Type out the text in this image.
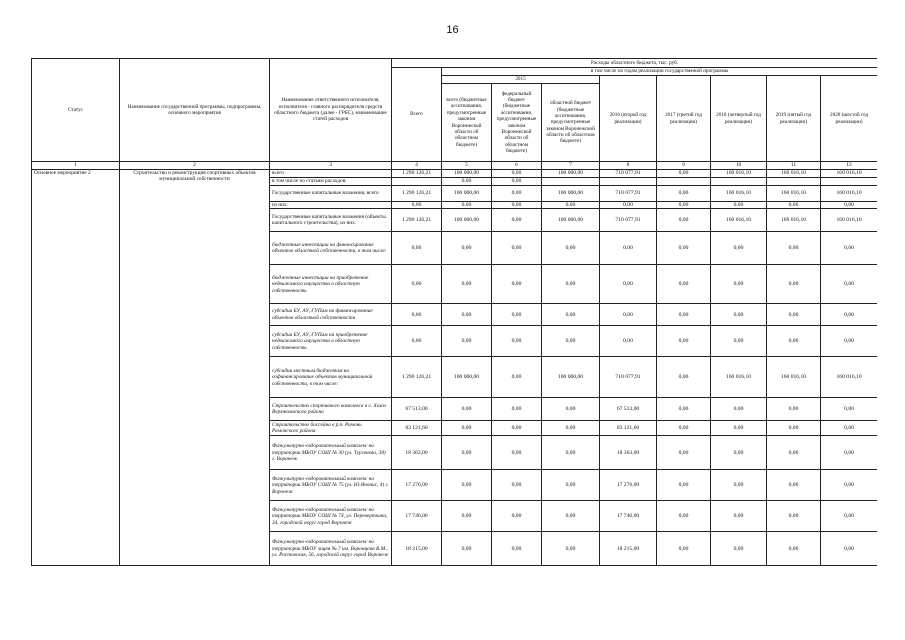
16
Статус	Наименование государственной программы, подпрограммы, основного мероприятия	Наименование ответственного исполнителя, исполнителя - главного распорядителя средств областного бюджета (далее - ГРБС), наименование статей расходов	Расходы областного бюджета, тыс. руб.								
			Всего	в том числе по годам реализации государственной программы							
				2015			2016 (второй год реализации)	2017 (третий год реализации)	2018 (четвертый год реализации)	2019 (пятый год реализации)	2020 (шестой год реализации)
				всего (бюджетные ассигнования, предусмотренные законом Воронежской области об областном бюджете)	федеральный бюджет (бюджетные ассигнования, предусмотренные законом Воронежской области об областном бюджете)	областной бюджет (бюджетные ассигнования, предусмотренные законом Воронежской области об областном бюджете)					
1	2	3	4	5	6	7	8	9	10	11	12
Основное мероприятие 2	Строительство и реконструкция спортивных объектов муниципальной собственности	всего	1 290 126,21	100 000,00	0,00	100 000,00	710 077,91	0,00	160 016,10	160 016,10	160 016,10
		в том числе по статьям расходов:		0,00	0,00						
		Государственные капитальные вложения, всего	1 290 126,21	100 000,00	0,00	100 000,00	710 077,91	0,00	160 016,10	160 016,10	160 016,10
		из них:	0,00	0,00	0,00	0,00	0,00	0,00	0,00	0,00	0,00
		Государственные капитальные вложения (объекты капитального строительства), из них:	1 290 126,21	100 000,00	0,00	100 000,00	710 077,91	0,00	160 016,10	160 016,10	160 016,10
		бюджетные инвестиции на финансирование объектов областной собственности, в том числе:	0,00	0,00	0,00	0,00	0,00	0,00	0,00	0,00	0,00
		бюджетные инвестиции на приобретение недвижимого имущества в областную собственность	0,00	0,00	0,00	0,00	0,00	0,00	0,00	0,00	0,00
		субсидии БУ, АУ, ГУПам на финансирование объектов областной собственности	0,00	0,00	0,00	0,00	0,00	0,00	0,00	0,00	0,00
		субсидии БУ, АУ, ГУПам на приобретение недвижимого имущества в областную собственность	0,00	0,00	0,00	0,00	0,00	0,00	0,00	0,00	0,00
		субсидии местным бюджетам на софинансирование объектов муниципальной собственности, в том числе:	1 290 126,21	100 000,00	0,00	100 000,00	710 077,91	0,00	160 016,10	160 016,10	160 016,10
		Строительство спортивного комплекса в с. Хохол Верхнехавского района	67 513,00	0,00	0,00	0,00	67 513,00	0,00	0,00	0,00	0,00
		Строительство бассейна в р.п. Рамонь Рамонского района	83 121,60	0,00	0,00	0,00	83 121,60	0,00	0,00	0,00	0,00
		Физкультурно-оздоровительный комплекс на территории МБОУ СОШ № 30 (ул. Тургенева, 38) г. Воронеж	18 363,00	0,00	0,00	0,00	18 363,00	0,00	0,00	0,00	0,00
		Физкультурно-оздоровительный комплекс на территории МБОУ СОШ № 75 (ул. Ю.Янонис, 4) г. Воронеж	17 276,00	0,00	0,00	0,00	17 276,00	0,00	0,00	0,00	0,00
		Физкультурно-оздоровительный комплекс на территории МБОУ СОШ № 74, ул. Переверткина, 34, городской округ город Воронеж	17 746,00	0,00	0,00	0,00	17 746,00	0,00	0,00	0,00	0,00
		Физкультурно-оздоровительный комплекс на территории МБОУ лицея № 7 им. Воронцова В.М., ул. Ростовская, 56, городской округ город Воронеж	18 215,00	0,00	0,00	0,00	18 215,00	0,00	0,00	0,00	0,00
